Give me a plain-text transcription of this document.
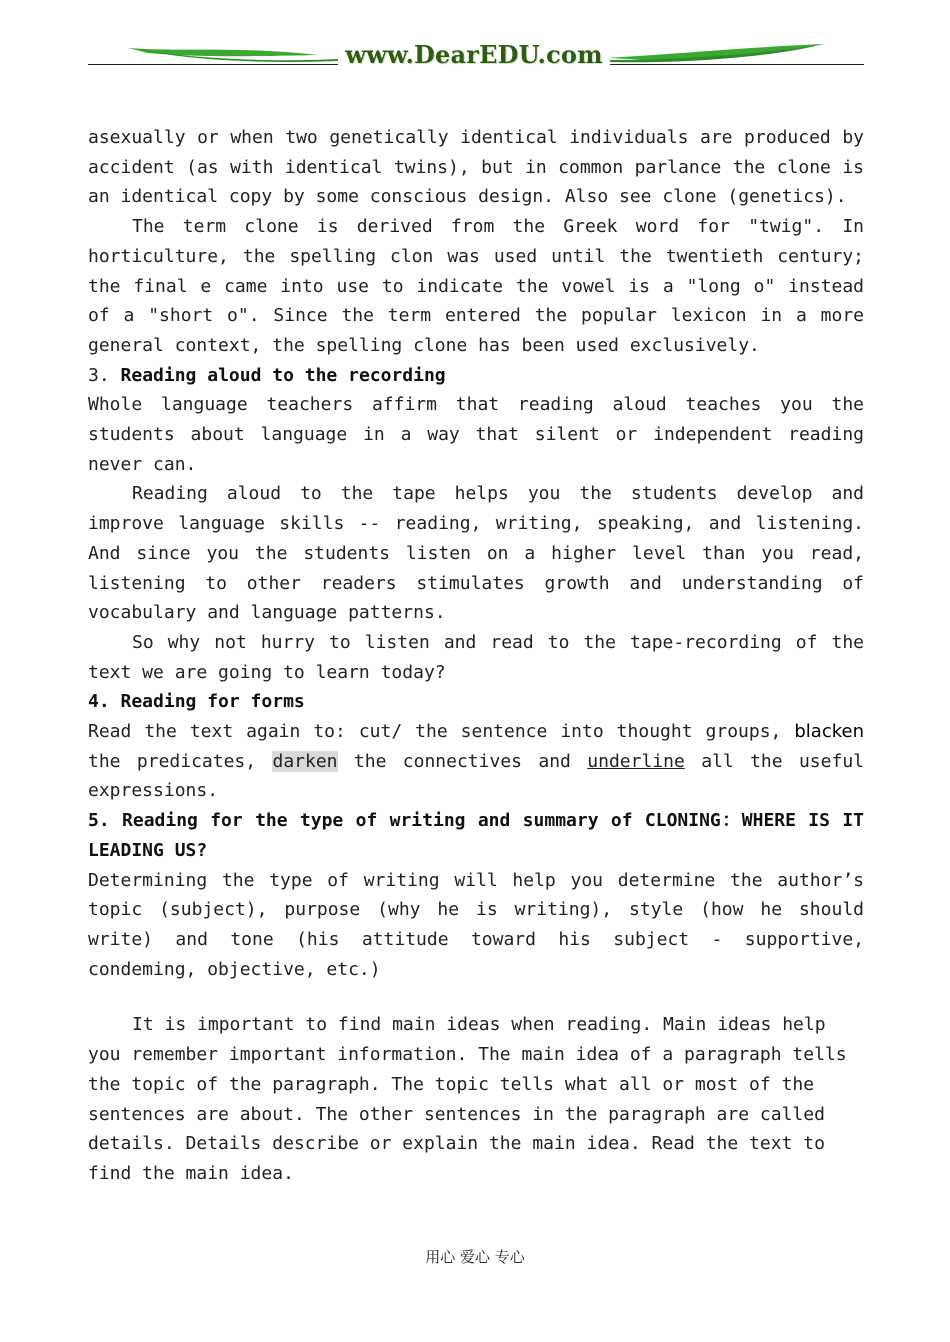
www.DearEDU.com

asexually or when two genetically identical individuals are produced by accident (as with identical twins), but in common parlance the clone is an identical copy by some conscious design. Also see clone (genetics).

The term clone is derived from the Greek word for "twig". In horticulture, the spelling clon was used until the twentieth century; the final e came into use to indicate the vowel is a "long o" instead of a "short o". Since the term entered the popular lexicon in a more general context, the spelling clone has been used exclusively.

3. Reading aloud to the recording

Whole language teachers affirm that reading aloud teaches you the students about language in a way that silent or independent reading never can.

Reading aloud to the tape helps you the students develop and improve language skills -- reading, writing, speaking, and listening. And since you the students listen on a higher level than you read, listening to other readers stimulates growth and understanding of vocabulary and language patterns.

So why not hurry to listen and read to the tape-recording of the text we are going to learn today?

4. Reading for forms

Read the text again to: cut/ the sentence into thought groups, blacken the predicates, darken the connectives and underline all the useful expressions.

5. Reading for the type of writing and summary of CLONING：WHERE IS IT LEADING US?

Determining the type of writing will help you determine the author’s topic (subject), purpose (why he is writing), style (how he should write) and tone (his attitude toward his subject - supportive, condeming, objective, etc.)

It is important to find main ideas when reading. Main ideas help you remember important information. The main idea of a paragraph tells the topic of the paragraph. The topic tells what all or most of the sentences are about. The other sentences in the paragraph are called details. Details describe or explain the main idea. Read the text to find the main idea.

用心 爱心 专心
